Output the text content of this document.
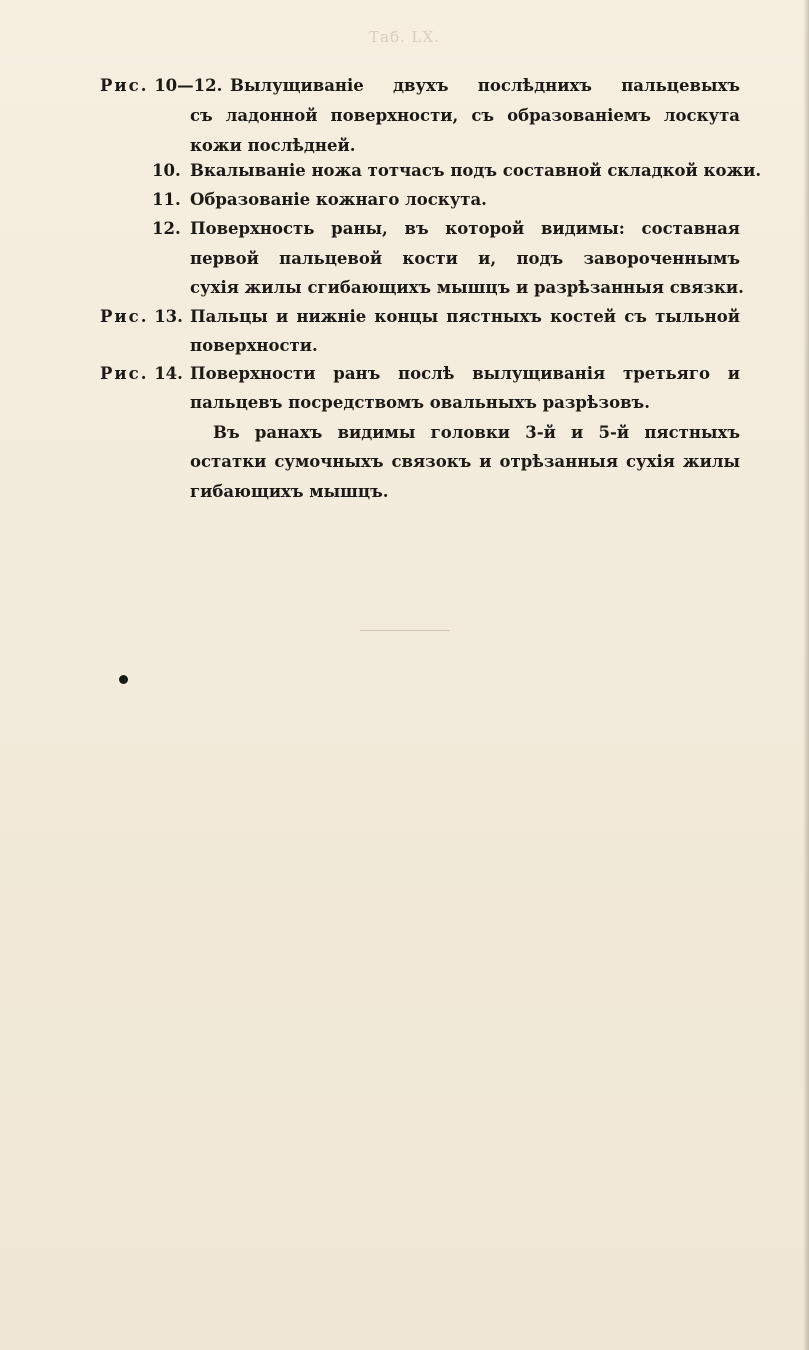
Таб. LX.
Рис. 10—12. Вылущиваніе двухъ послѣднихъ пальцевыхъ
съ ладонной поверхности, съ образованіемъ лоскута
кожи послѣдней.
10. Вкалываніе ножа тотчасъ подъ составной складкой кожи.
11. Образованіе кожнаго лоскута.
12. Поверхность раны, въ которой видимы: составная
первой пальцевой кости и, подъ завороченнымъ
сухія жилы сгибающихъ мышцъ и разрѣзанныя связки.
Рис. 13. Пальцы и нижніе концы пястныхъ костей съ тыльной
поверхности.
Рис. 14. Поверхности ранъ послѣ вылущиванія третьяго и
пальцевъ посредствомъ овальныхъ разрѣзовъ.
Въ ранахъ видимы головки 3-й и 5-й пястныхъ
остатки сумочныхъ связокъ и отрѣзанныя сухія жилы
гибающихъ мышцъ.
